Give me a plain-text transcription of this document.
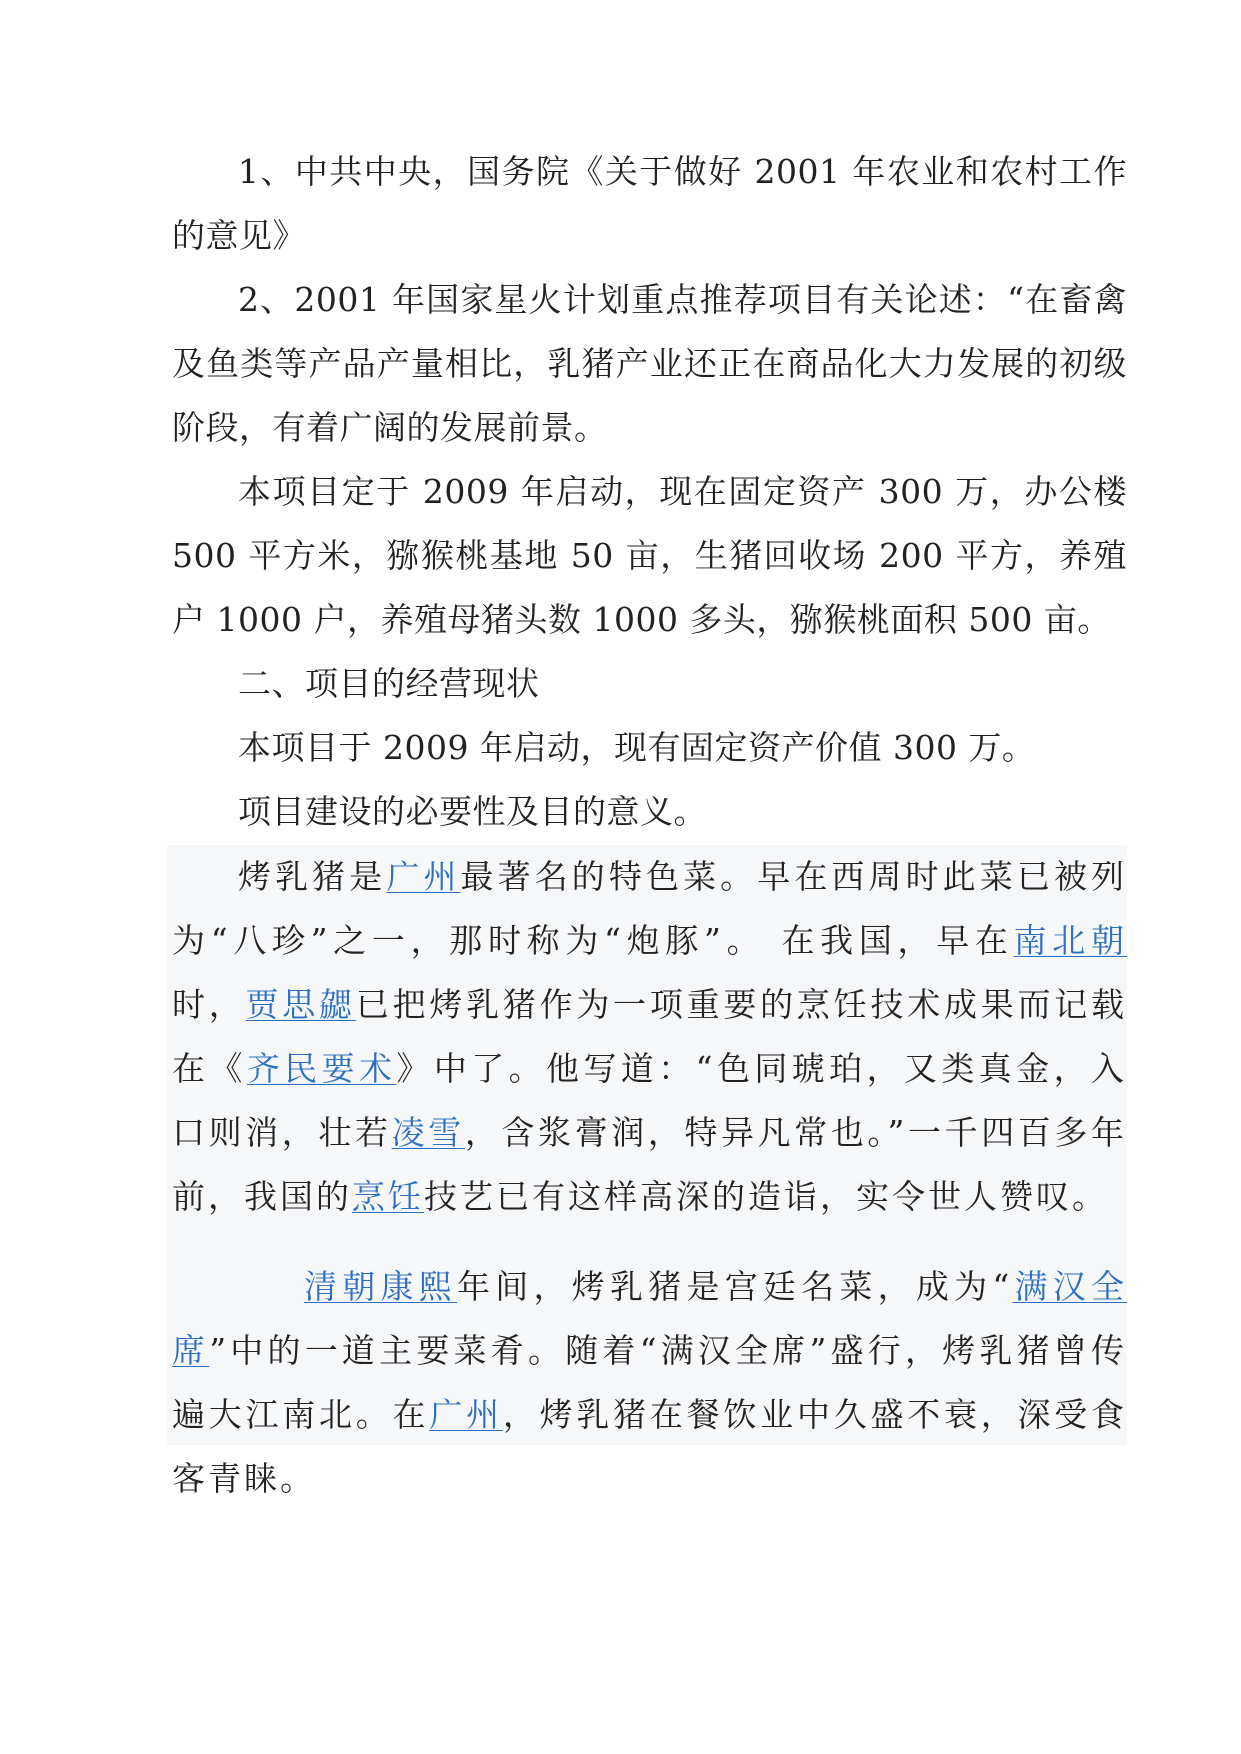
1、中共中央，国务院《关于做好 2001 年农业和农村工作的意见》

2、2001 年国家星火计划重点推荐项目有关论述：“在畜禽及鱼类等产品产量相比，乳猪产业还正在商品化大力发展的初级阶段，有着广阔的发展前景。

本项目定于 2009 年启动，现在固定资产 300 万，办公楼 500 平方米，猕猴桃基地 50 亩，生猪回收场 200 平方，养殖户 1000 户，养殖母猪头数 1000 多头，猕猴桃面积 500 亩。

二、项目的经营现状

本项目于 2009 年启动，现有固定资产价值 300 万。

项目建设的必要性及目的意义。

烤乳猪是广州最著名的特色菜。早在西周时此菜已被列为“八珍”之一，那时称为“炮豚”。 在我国，早在南北朝时，贾思勰已把烤乳猪作为一项重要的烹饪技术成果而记载在《齐民要术》中了。他写道：“色同琥珀，又类真金，入口则消，壮若凌雪，含浆膏润，特异凡常也。”一千四百多年前，我国的烹饪技艺已有这样高深的造诣，实令世人赞叹。

清朝康熙年间，烤乳猪是宫廷名菜，成为“满汉全席”中的一道主要菜肴。随着“满汉全席”盛行，烤乳猪曾传遍大江南北。在广州，烤乳猪在餐饮业中久盛不衰，深受食客青睐。
